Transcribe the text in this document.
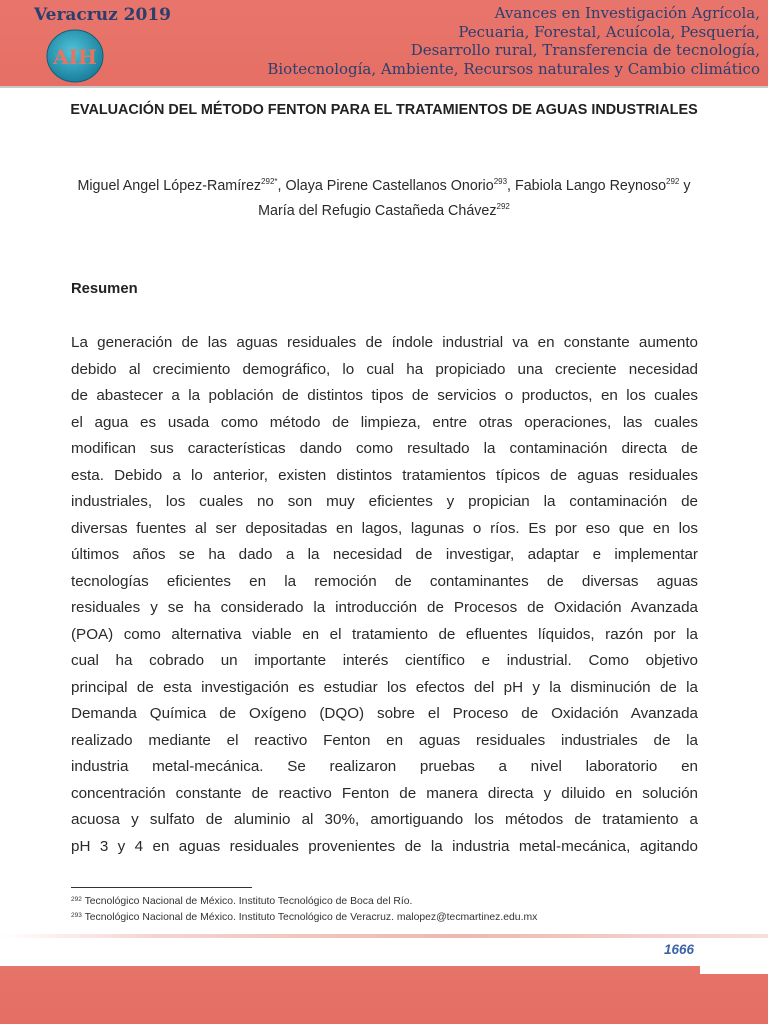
Veracruz 2019
AIH
Avances en Investigación Agrícola,
Pecuaria, Forestal, Acuícola, Pesquería,
Desarrollo rural, Transferencia de tecnología,
Biotecnología, Ambiente, Recursos naturales y Cambio climático
EVALUACIÓN DEL MÉTODO FENTON PARA EL TRATAMIENTOS DE AGUAS INDUSTRIALES
Miguel Angel López-Ramírez$^{292*}$, Olaya Pirene Castellanos Onorio$^{293}$, Fabiola Lango Reynoso$^{292}$ y María del Refugio Castañeda Chávez$^{292}$
Resumen
La generación de las aguas residuales de índole industrial va en constante aumento
debido al crecimiento demográfico, lo cual ha propiciado una creciente necesidad
de abastecer a la población de distintos tipos de servicios o productos, en los cuales
el agua es usada como método de limpieza, entre otras operaciones, las cuales
modifican sus características dando como resultado la contaminación directa de
esta. Debido a lo anterior, existen distintos tratamientos típicos de aguas residuales
industriales, los cuales no son muy eficientes y propician la contaminación de
diversas fuentes al ser depositadas en lagos, lagunas o ríos. Es por eso que en los
últimos años se ha dado a la necesidad de investigar, adaptar e implementar
tecnologías eficientes en la remoción de contaminantes de diversas aguas
residuales y se ha considerado la introducción de Procesos de Oxidación Avanzada
(POA) como alternativa viable en el tratamiento de efluentes líquidos, razón por la
cual ha cobrado un importante interés científico e industrial. Como objetivo
principal de esta investigación es estudiar los efectos del pH y la disminución de la
Demanda Química de Oxígeno (DQO) sobre el Proceso de Oxidación Avanzada
realizado mediante el reactivo Fenton en aguas residuales industriales de la
industria metal-mecánica. Se realizaron pruebas a nivel laboratorio en
concentración constante de reactivo Fenton de manera directa y diluido en solución
acuosa y sulfato de aluminio al 30%, amortiguando los métodos de tratamiento a
pH 3 y 4 en aguas residuales provenientes de la industria metal-mecánica, agitando
$^{292}$ Tecnológico Nacional de México. Instituto Tecnológico de Boca del Río.
$^{293}$ Tecnológico Nacional de México. Instituto Tecnológico de Veracruz. malopez@tecmartinez.edu.mx
1666
